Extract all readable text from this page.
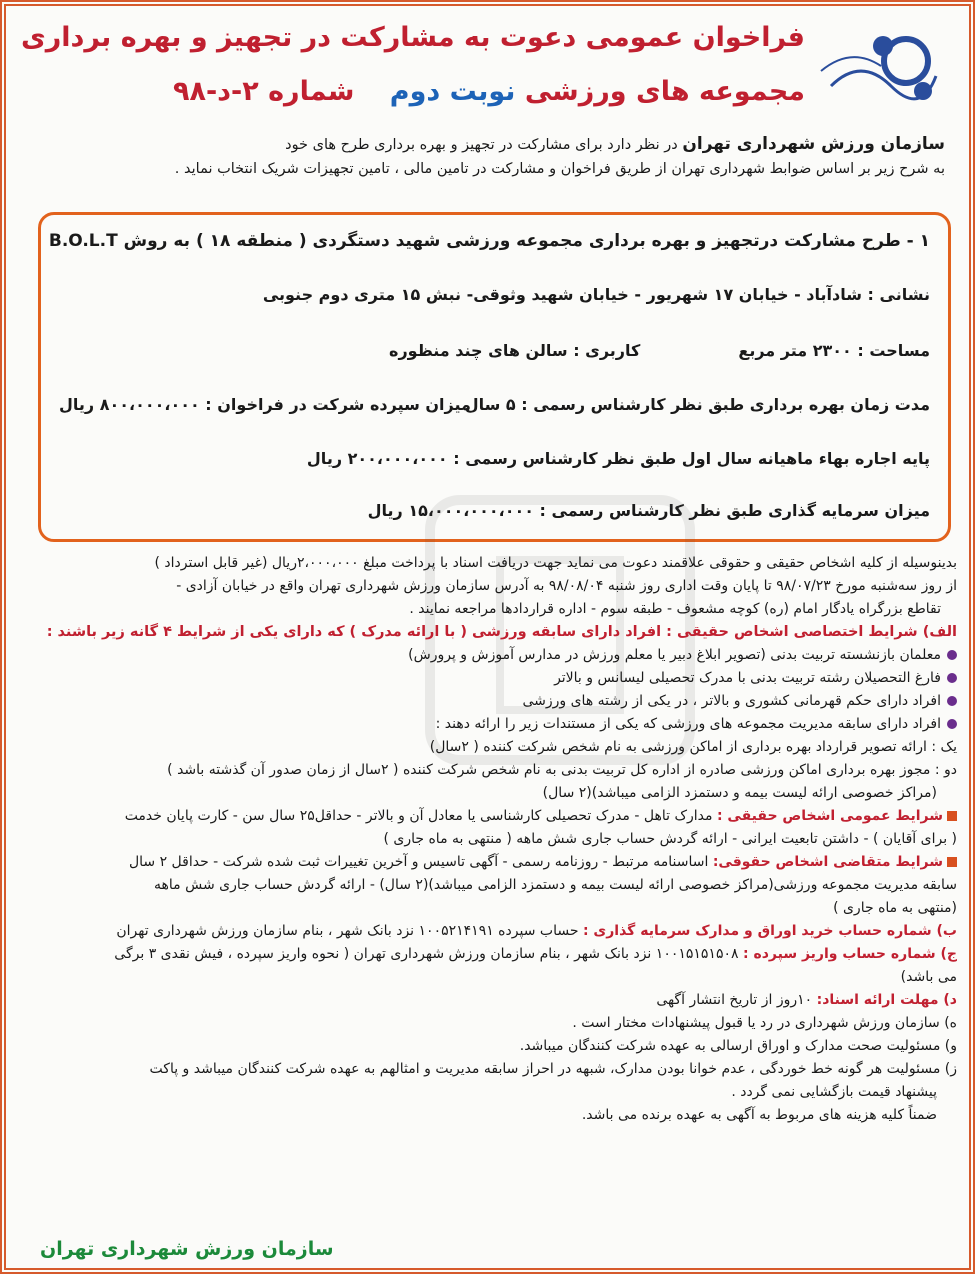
فراخوان عمومی دعوت به مشارکت در تجهیز و بهره برداری
مجموعه های ورزشی نوبت دوم شماره ۲-د-۹۸
سازمان ورزش شهرداری تهران در نظر دارد برای مشارکت در تجهیز و بهره برداری طرح های خود
به شرح زیر بر اساس ضوابط شهرداری تهران از طریق فراخوان و مشارکت در تامین مالی ، تامین تجهیزات شریک انتخاب نماید .
۱ - طرح مشارکت درتجهیز و بهره برداری مجموعه ورزشی شهید دستگردی ( منطقه ۱۸ ) به روش B.O.L.T
نشانی : شادآباد - خیابان ۱۷ شهریور - خیابان شهید وثوقی- نبش ۱۵ متری دوم جنوبی
مساحت : ۲۳۰۰ متر مربع
کاربری : سالن های چند منظوره
مدت زمان بهره برداری طبق نظر کارشناس رسمی : ۵ سال
میزان سپرده شرکت در فراخوان : ۸۰۰،۰۰۰،۰۰۰ ریال
پایه اجاره بهاء ماهیانه سال اول طبق نظر کارشناس رسمی : ۲۰۰،۰۰۰،۰۰۰ ریال
میزان سرمایه گذاری طبق نظر کارشناس رسمی : ۱۵،۰۰۰،۰۰۰،۰۰۰ ریال

بدینوسیله از کلیه اشخاص حقیقی و حقوقی علاقمند دعوت می نماید جهت دریافت اسناد با پرداخت مبلغ ۲،۰۰۰،۰۰۰ریال (غیر قابل استرداد )

از روز سه‌شنبه مورخ ۹۸/۰۷/۲۳ تا پایان وقت اداری روز شنبه ۹۸/۰۸/۰۴ به آدرس سازمان ورزش شهرداری تهران واقع در خیابان آزادی -

تقاطع بزرگراه یادگار امام (ره) کوچه مشعوف - طبقه سوم - اداره قراردادها مراجعه نمایند .

الف) شرایط اختصاصی اشخاص حقیقی : افراد دارای سابقه ورزشی ( با ارائه مدرک ) که دارای یکی از شرایط ۴ گانه زیر باشند :

معلمان بازنشسته تربیت بدنی (تصویر ابلاغ دبیر یا معلم ورزش در مدارس آموزش و پرورش)

فارغ التحصیلان رشته تربیت بدنی با مدرک تحصیلی لیسانس و بالاتر

افراد دارای حکم قهرمانی کشوری و بالاتر ، در یکی از رشته های ورزشی

افراد دارای سابقه مدیریت مجموعه های ورزشی که یکی از مستندات زیر را ارائه دهند :

یک : ارائه تصویر قرارداد بهره برداری از اماکن ورزشی به نام شخص شرکت کننده ( ۲سال)

دو : مجوز بهره برداری اماکن ورزشی صادره از اداره کل تربیت بدنی به نام شخص شرکت کننده ( ۲سال از زمان صدور آن گذشته باشد )

(مراکز خصوصی ارائه لیست بیمه و دستمزد الزامی میباشد)(۲ سال)

شرایط عمومی اشخاص حقیقی : مدارک تاهل - مدرک تحصیلی کارشناسی یا معادل آن و بالاتر - حداقل۲۵ سال سن - کارت پایان خدمت

( برای آقایان ) - داشتن تابعیت ایرانی - ارائه گردش حساب جاری شش ماهه ( منتهی به ماه جاری )

شرایط متقاضی اشخاص حقوقی: اساسنامه مرتبط - روزنامه رسمی - آگهی تاسیس و آخرین تغییرات ثبت شده شرکت - حداقل ۲ سال

سابقه مدیریت مجموعه ورزشی(مراکز خصوصی ارائه لیست بیمه و دستمزد الزامی میباشد)(۲ سال) - ارائه گردش حساب جاری شش ماهه

(منتهی به ماه جاری )

ب) شماره حساب خرید اوراق و مدارک سرمایه گذاری : حساب سپرده ۱۰۰۵۲۱۴۱۹۱ نزد بانک شهر ، بنام سازمان ورزش شهرداری تهران

ج) شماره حساب واریز سپرده : ۱۰۰۱۵۱۵۱۵۰۸ نزد بانک شهر ، بنام سازمان ورزش شهرداری تهران ( نحوه واریز سپرده ، فیش نقدی ۳ برگی

می باشد)

د) مهلت ارائه اسناد: ۱۰روز از تاریخ انتشار آگهی

ه) سازمان ورزش شهرداری در رد یا قبول پیشنهادات مختار است .

و) مسئولیت صحت مدارک و اوراق ارسالی به عهده شرکت کنندگان میباشد.

ز) مسئولیت هر گونه خط خوردگی ، عدم خوانا بودن مدارک، شبهه در احراز سابقه مدیریت و امثالهم به عهده شرکت کنندگان میباشد و پاکت

پیشنهاد قیمت بازگشایی نمی گردد .

ضمناً کلیه هزینه های مربوط به آگهی به عهده برنده می باشد.

سازمان ورزش شهرداری تهران
